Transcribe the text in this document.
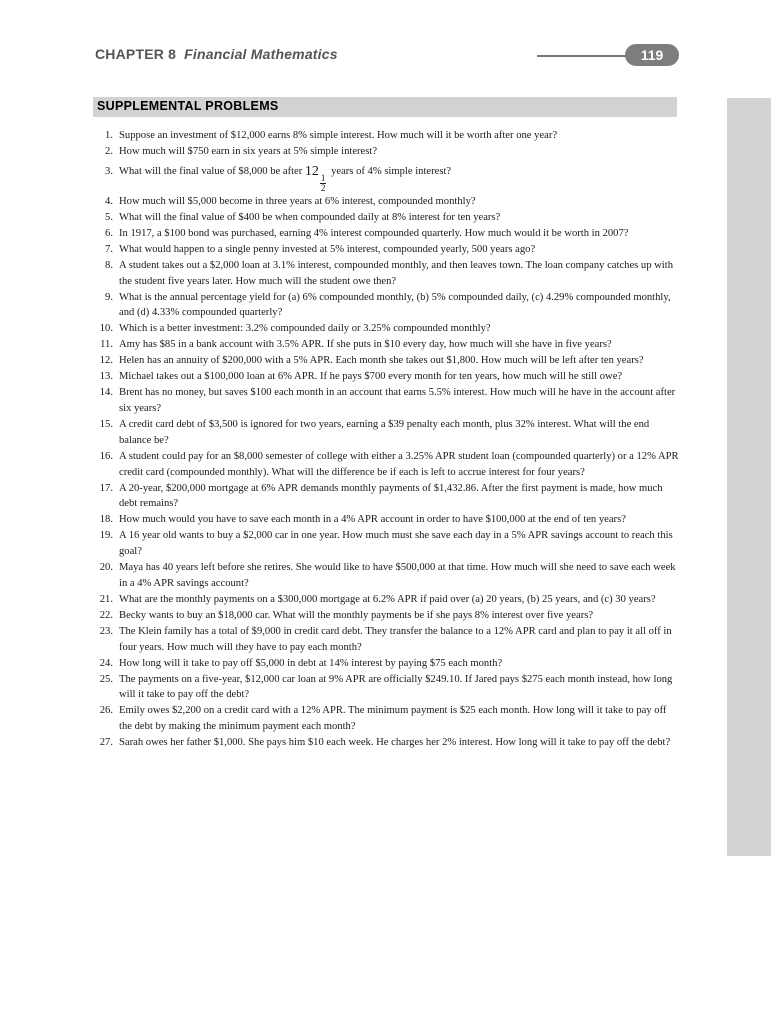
CHAPTER 8 Financial Mathematics	119
SUPPLEMENTAL PROBLEMS
1. Suppose an investment of $12,000 earns 8% simple interest. How much will it be worth after one year?
2. How much will $750 earn in six years at 5% simple interest?
3. What will the final value of $8,000 be after 12
$\frac{1}{2}$
years of 4% simple interest?
4. How much will $5,000 become in three years at 6% interest, compounded monthly?
5. What will the final value of $400 be when compounded daily at 8% interest for ten years?
6. In 1917, a $100 bond was purchased, earning 4% interest compounded quarterly. How much would it be worth in 2007?
7. What would happen to a single penny invested at 5% interest, compounded yearly, 500 years ago?
8. A student takes out a $2,000 loan at 3.1% interest, compounded monthly, and then leaves town. The loan company catches up with the student five years later. How much will the student owe then?
9. What is the annual percentage yield for (a) 6% compounded monthly, (b) 5% compounded daily, (c) 4.29% compounded monthly, and (d) 4.33% compounded quarterly?
10. Which is a better investment: 3.2% compounded daily or 3.25% compounded monthly?
11. Amy has $85 in a bank account with 3.5% APR. If she puts in $10 every day, how much will she have in five years?
12. Helen has an annuity of $200,000 with a 5% APR. Each month she takes out $1,800. How much will be left after ten years?
13. Michael takes out a $100,000 loan at 6% APR. If he pays $700 every month for ten years, how much will he still owe?
14. Brent has no money, but saves $100 each month in an account that earns 5.5% interest. How much will he have in the account after six years?
15. A credit card debt of $3,500 is ignored for two years, earning a $39 penalty each month, plus 32% interest. What will the end balance be?
16. A student could pay for an $8,000 semester of college with either a 3.25% APR student loan (compounded quarterly) or a 12% APR credit card (compounded monthly). What will the difference be if each is left to accrue interest for four years?
17. A 20-year, $200,000 mortgage at 6% APR demands monthly payments of $1,432.86. After the first payment is made, how much debt remains?
18. How much would you have to save each month in a 4% APR account in order to have $100,000 at the end of ten years?
19. A 16 year old wants to buy a $2,000 car in one year. How much must she save each day in a 5% APR savings account to reach this goal?
20. Maya has 40 years left before she retires. She would like to have $500,000 at that time. How much will she need to save each week in a 4% APR savings account?
21. What are the monthly payments on a $300,000 mortgage at 6.2% APR if paid over (a) 20 years, (b) 25 years, and (c) 30 years?
22. Becky wants to buy an $18,000 car. What will the monthly payments be if she pays 8% interest over five years?
23. The Klein family has a total of $9,000 in credit card debt. They transfer the balance to a 12% APR card and plan to pay it all off in four years. How much will they have to pay each month?
24. How long will it take to pay off $5,000 in debt at 14% interest by paying $75 each month?
25. The payments on a five-year, $12,000 car loan at 9% APR are officially $249.10. If Jared pays $275 each month instead, how long will it take to pay off the debt?
26. Emily owes $2,200 on a credit card with a 12% APR. The minimum payment is $25 each month. How long will it take to pay off the debt by making the minimum payment each month?
27. Sarah owes her father $1,000. She pays him $10 each week. He charges her 2% interest. How long will it take to pay off the debt?
